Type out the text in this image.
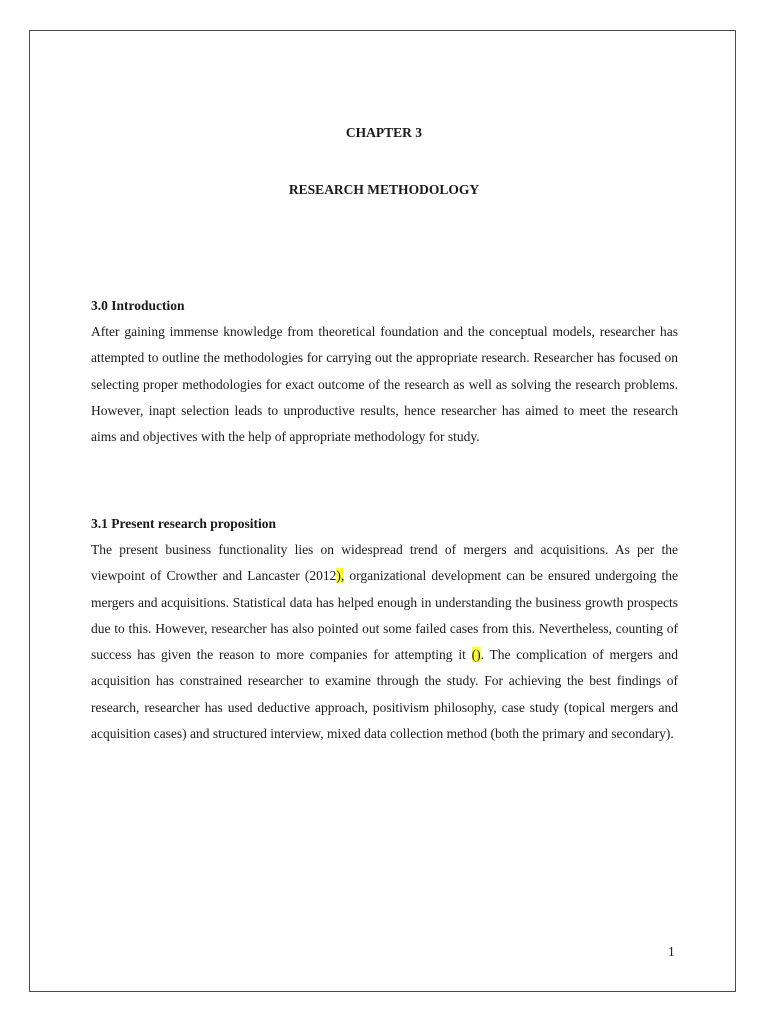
CHAPTER 3
RESEARCH METHODOLOGY

3.0 Introduction

After gaining immense knowledge from theoretical foundation and the conceptual models, researcher has attempted to outline the methodologies for carrying out the appropriate research. Researcher has focused on selecting proper methodologies for exact outcome of the research as well as solving the research problems. However, inapt selection leads to unproductive results, hence researcher has aimed to meet the research aims and objectives with the help of appropriate methodology for study.

3.1 Present research proposition

The present business functionality lies on widespread trend of mergers and acquisitions. As per the viewpoint of Crowther and Lancaster (2012), organizational development can be ensured undergoing the mergers and acquisitions. Statistical data has helped enough in understanding the business growth prospects due to this. However, researcher has also pointed out some failed cases from this. Nevertheless, counting of success has given the reason to more companies for attempting it (). The complication of mergers and acquisition has constrained researcher to examine through the study. For achieving the best findings of research, researcher has used deductive approach, positivism philosophy, case study (topical mergers and acquisition cases) and structured interview, mixed data collection method (both the primary and secondary).

1
